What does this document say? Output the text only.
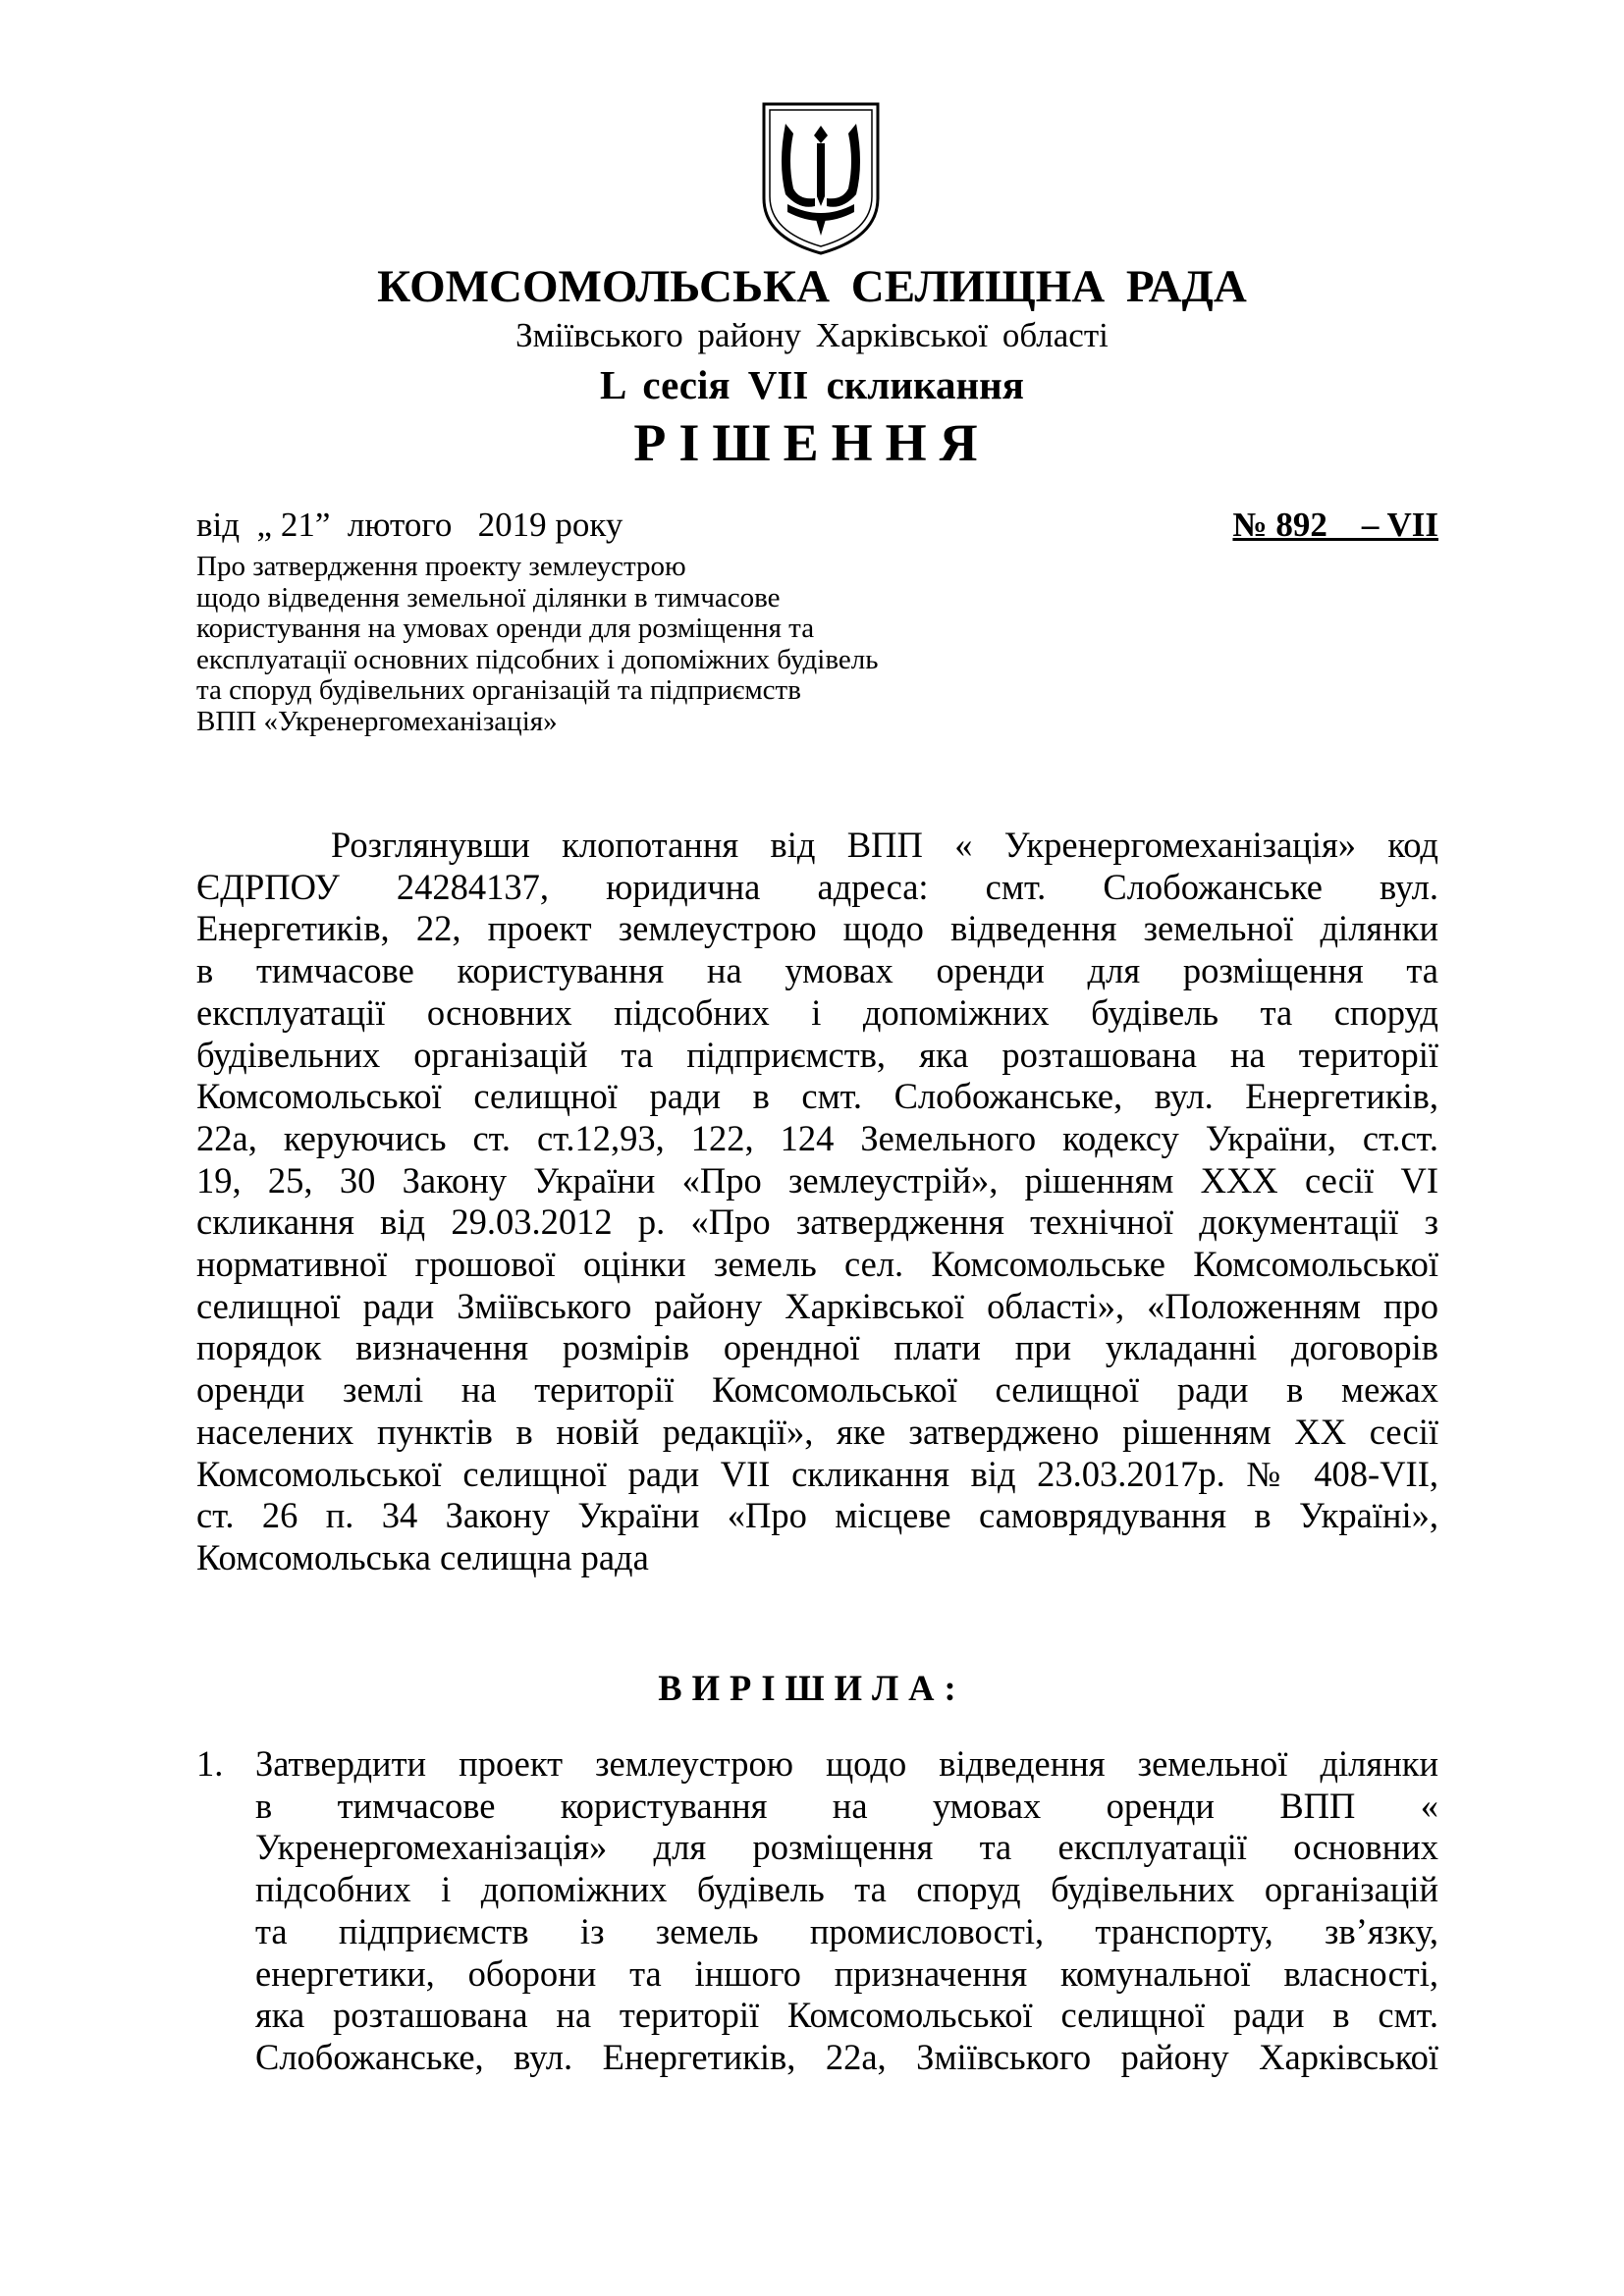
КОМСОМОЛЬСЬКА СЕЛИЩНА РАДА
Зміївського району Харківської області
L сесія VII скликання
РІШЕННЯ
від  „ 21”  лютого   2019 року	№ 892    – VII
Про затвердження проекту землеустрою
щодо відведення земельної ділянки в тимчасове
користування на умовах оренди для розміщення та
експлуатації основних підсобних і допоміжних будівель
та споруд будівельних організацій та підприємств
ВПП «Укренергомеханізація»
Розглянувши клопотання від ВПП « Укренергомеханізація» код
ЄДРПОУ 24284137, юридична адреса: смт. Слобожанське вул.
Енергетиків, 22, проект землеустрою щодо відведення земельної ділянки
в тимчасове користування на умовах оренди для розміщення та
експлуатації основних підсобних і допоміжних будівель та споруд
будівельних організацій та підприємств, яка розташована на території
Комсомольської селищної ради в смт. Слобожанське, вул. Енергетиків,
22а, керуючись ст. ст.12,93, 122, 124 Земельного кодексу України, ст.ст.
19, 25, 30 Закону України «Про землеустрій», рішенням XXX сесії VI
скликання від 29.03.2012 р. «Про затвердження технічної документації з
нормативної грошової оцінки земель сел. Комсомольське Комсомольської
селищної ради Зміївського району Харківської області», «Положенням про
порядок визначення розмірів орендної плати при укладанні договорів
оренди землі на території Комсомольської селищної ради в межах
населених пунктів в новій редакції», яке затверджено рішенням XX сесії
Комсомольської селищної ради VII скликання від 23.03.2017р. № 408-VII,
ст. 26 п. 34 Закону України «Про місцеве самоврядування в Україні»,
Комсомольська селищна рада
ВИРІШИЛА:
1. Затвердити проект землеустрою щодо відведення земельної ділянки
в тимчасове користування на умовах оренди ВПП «
Укренергомеханізація» для розміщення та експлуатації основних
підсобних і допоміжних будівель та споруд будівельних організацій
та підприємств із земель промисловості, транспорту, зв’язку,
енергетики, оборони та іншого призначення комунальної власності,
яка розташована на території Комсомольської селищної ради в смт.
Слобожанське, вул. Енергетиків, 22а, Зміївського району Харківської
